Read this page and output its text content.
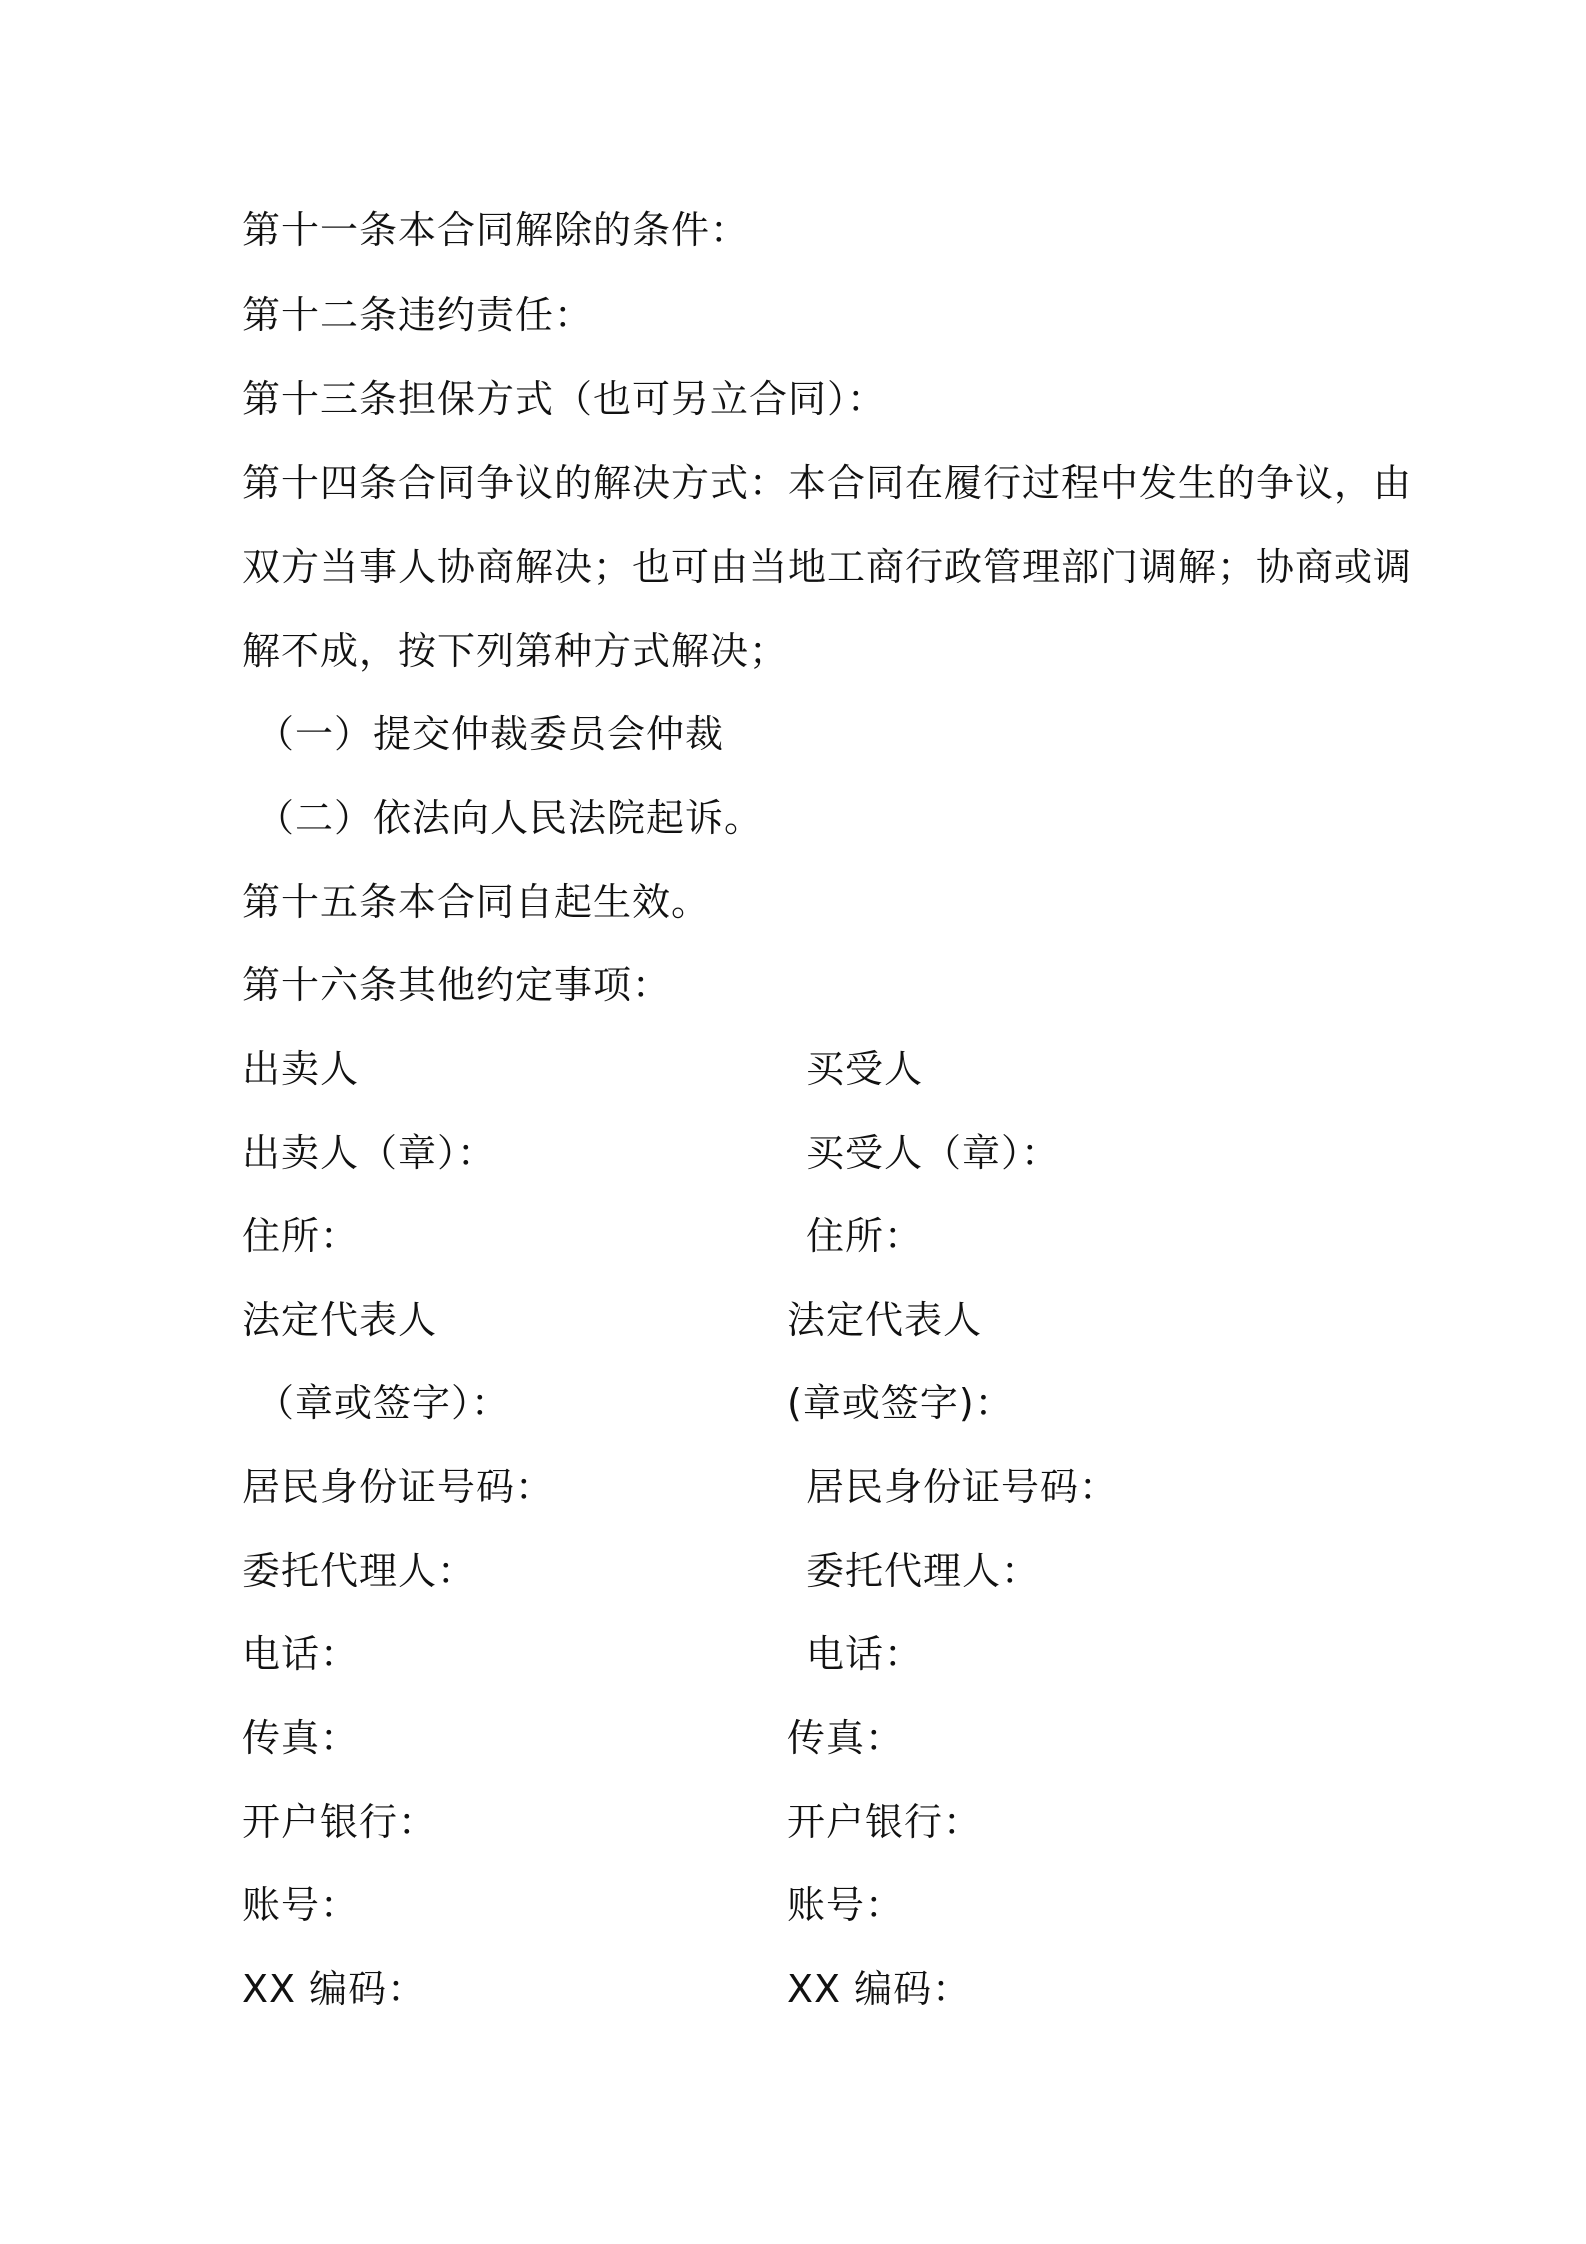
第十一条本合同解除的条件：
第十二条违约责任：
第十三条担保方式（也可另立合同）：
第十四条合同争议的解决方式：本合同在履行过程中发生的争议，由
双方当事人协商解决；也可由当地工商行政管理部门调解；协商或调
解不成，按下列第种方式解决；
（一）提交仲裁委员会仲裁
（二）依法向人民法院起诉。
第十五条本合同自起生效。
第十六条其他约定事项：
出卖人
出卖人（章）：
住所：
法定代表人
（章或签字）：
居民身份证号码：
委托代理人：
电话：
传真：
开户银行：
账号：
XX 编码：
买受人
买受人（章）：
住所：
法定代表人
(章或签字)：
居民身份证号码：
委托代理人：
电话：
传真：
开户银行：
账号：
XX 编码：
